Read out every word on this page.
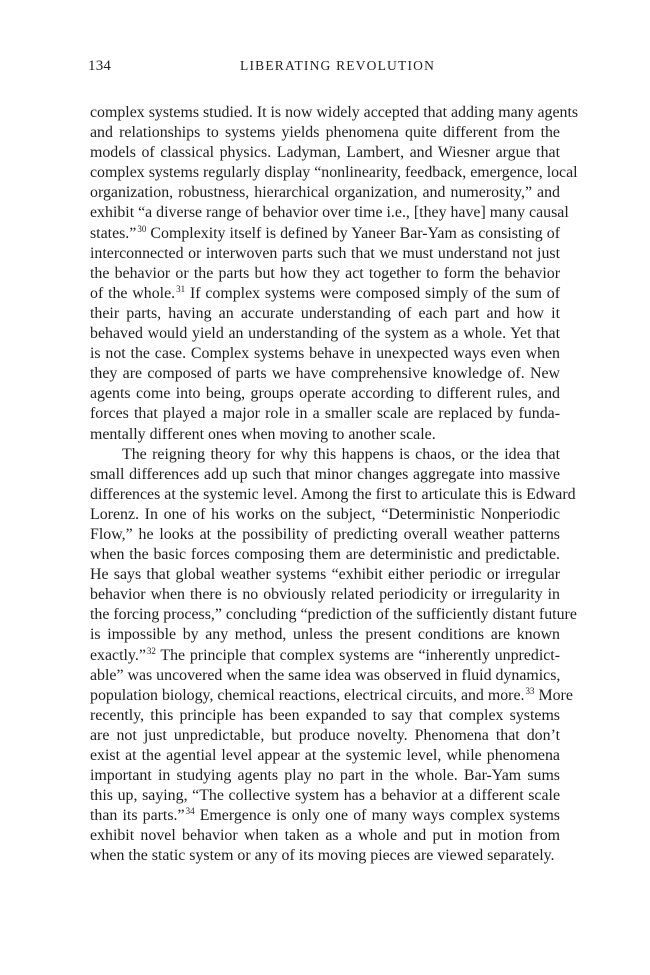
134	LIBERATING REVOLUTION
complex systems studied. It is now widely accepted that adding many agents
and relationships to systems yields phenomena quite different from the
models of classical physics. Ladyman, Lambert, and Wiesner argue that
complex systems regularly display “nonlinearity, feedback, emergence, local
organization, robustness, hierarchical organization, and numerosity,” and
exhibit “a diverse range of behavior over time i.e., [they have] many causal
states.”$^{30}$ Complexity itself is defined by Yaneer Bar-Yam as consisting of
interconnected or interwoven parts such that we must understand not just
the behavior or the parts but how they act together to form the behavior
of the whole.$^{31}$ If complex systems were composed simply of the sum of
their parts, having an accurate understanding of each part and how it
behaved would yield an understanding of the system as a whole. Yet that
is not the case. Complex systems behave in unexpected ways even when
they are composed of parts we have comprehensive knowledge of. New
agents come into being, groups operate according to different rules, and
forces that played a major role in a smaller scale are replaced by funda-
mentally different ones when moving to another scale.
The reigning theory for why this happens is chaos, or the idea that
small differences add up such that minor changes aggregate into massive
differences at the systemic level. Among the first to articulate this is Edward
Lorenz. In one of his works on the subject, “Deterministic Nonperiodic
Flow,” he looks at the possibility of predicting overall weather patterns
when the basic forces composing them are deterministic and predictable.
He says that global weather systems “exhibit either periodic or irregular
behavior when there is no obviously related periodicity or irregularity in
the forcing process,” concluding “prediction of the sufficiently distant future
is impossible by any method, unless the present conditions are known
exactly.”$^{32}$ The principle that complex systems are “inherently unpredict-
able” was uncovered when the same idea was observed in fluid dynamics,
population biology, chemical reactions, electrical circuits, and more.$^{33}$ More
recently, this principle has been expanded to say that complex systems
are not just unpredictable, but produce novelty. Phenomena that don’t
exist at the agential level appear at the systemic level, while phenomena
important in studying agents play no part in the whole. Bar-Yam sums
this up, saying, “The collective system has a behavior at a different scale
than its parts.”$^{34}$ Emergence is only one of many ways complex systems
exhibit novel behavior when taken as a whole and put in motion from
when the static system or any of its moving pieces are viewed separately.
